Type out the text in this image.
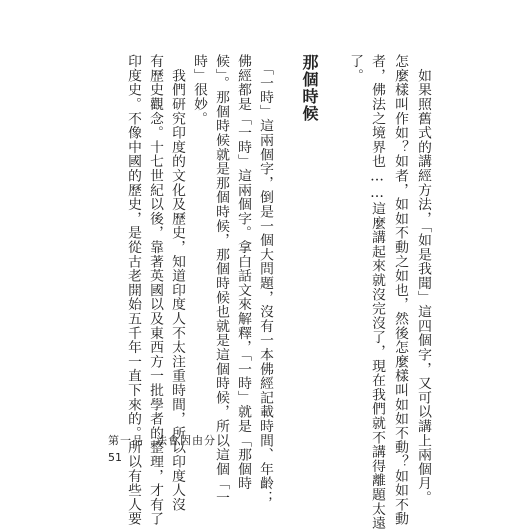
　如果照舊式的講經方法，「如是我聞」這四個字，又可以講上兩個月。
怎麼樣叫作如？如者，如如不動之如也，然後怎麼樣叫如如不動？如如不動
者，佛法之境界也……這麼講起來就沒完沒了，現在我們就不講得離題太遠
了。
那個時候
　「一時」這兩個字，倒是一個大問題，沒有一本佛經記載時間、年齡；
佛經都是「一時」這兩個字。拿白話文來解釋，「一時」就是「那個時
候」。那個時候就是那個時候，那個時候也就是這個時候，所以這個「一
時」很妙。
　我們研究印度的文化及歷史，知道印度人不太注重時間，所以印度人沒
有歷史觀念。十七世紀以後，靠著英國以及東西方一批學者的整理，才有了
印度史。不像中國的歷史，是從古老開始五千年一直下來的。所以有些人要
第一品　法會因由分
51
